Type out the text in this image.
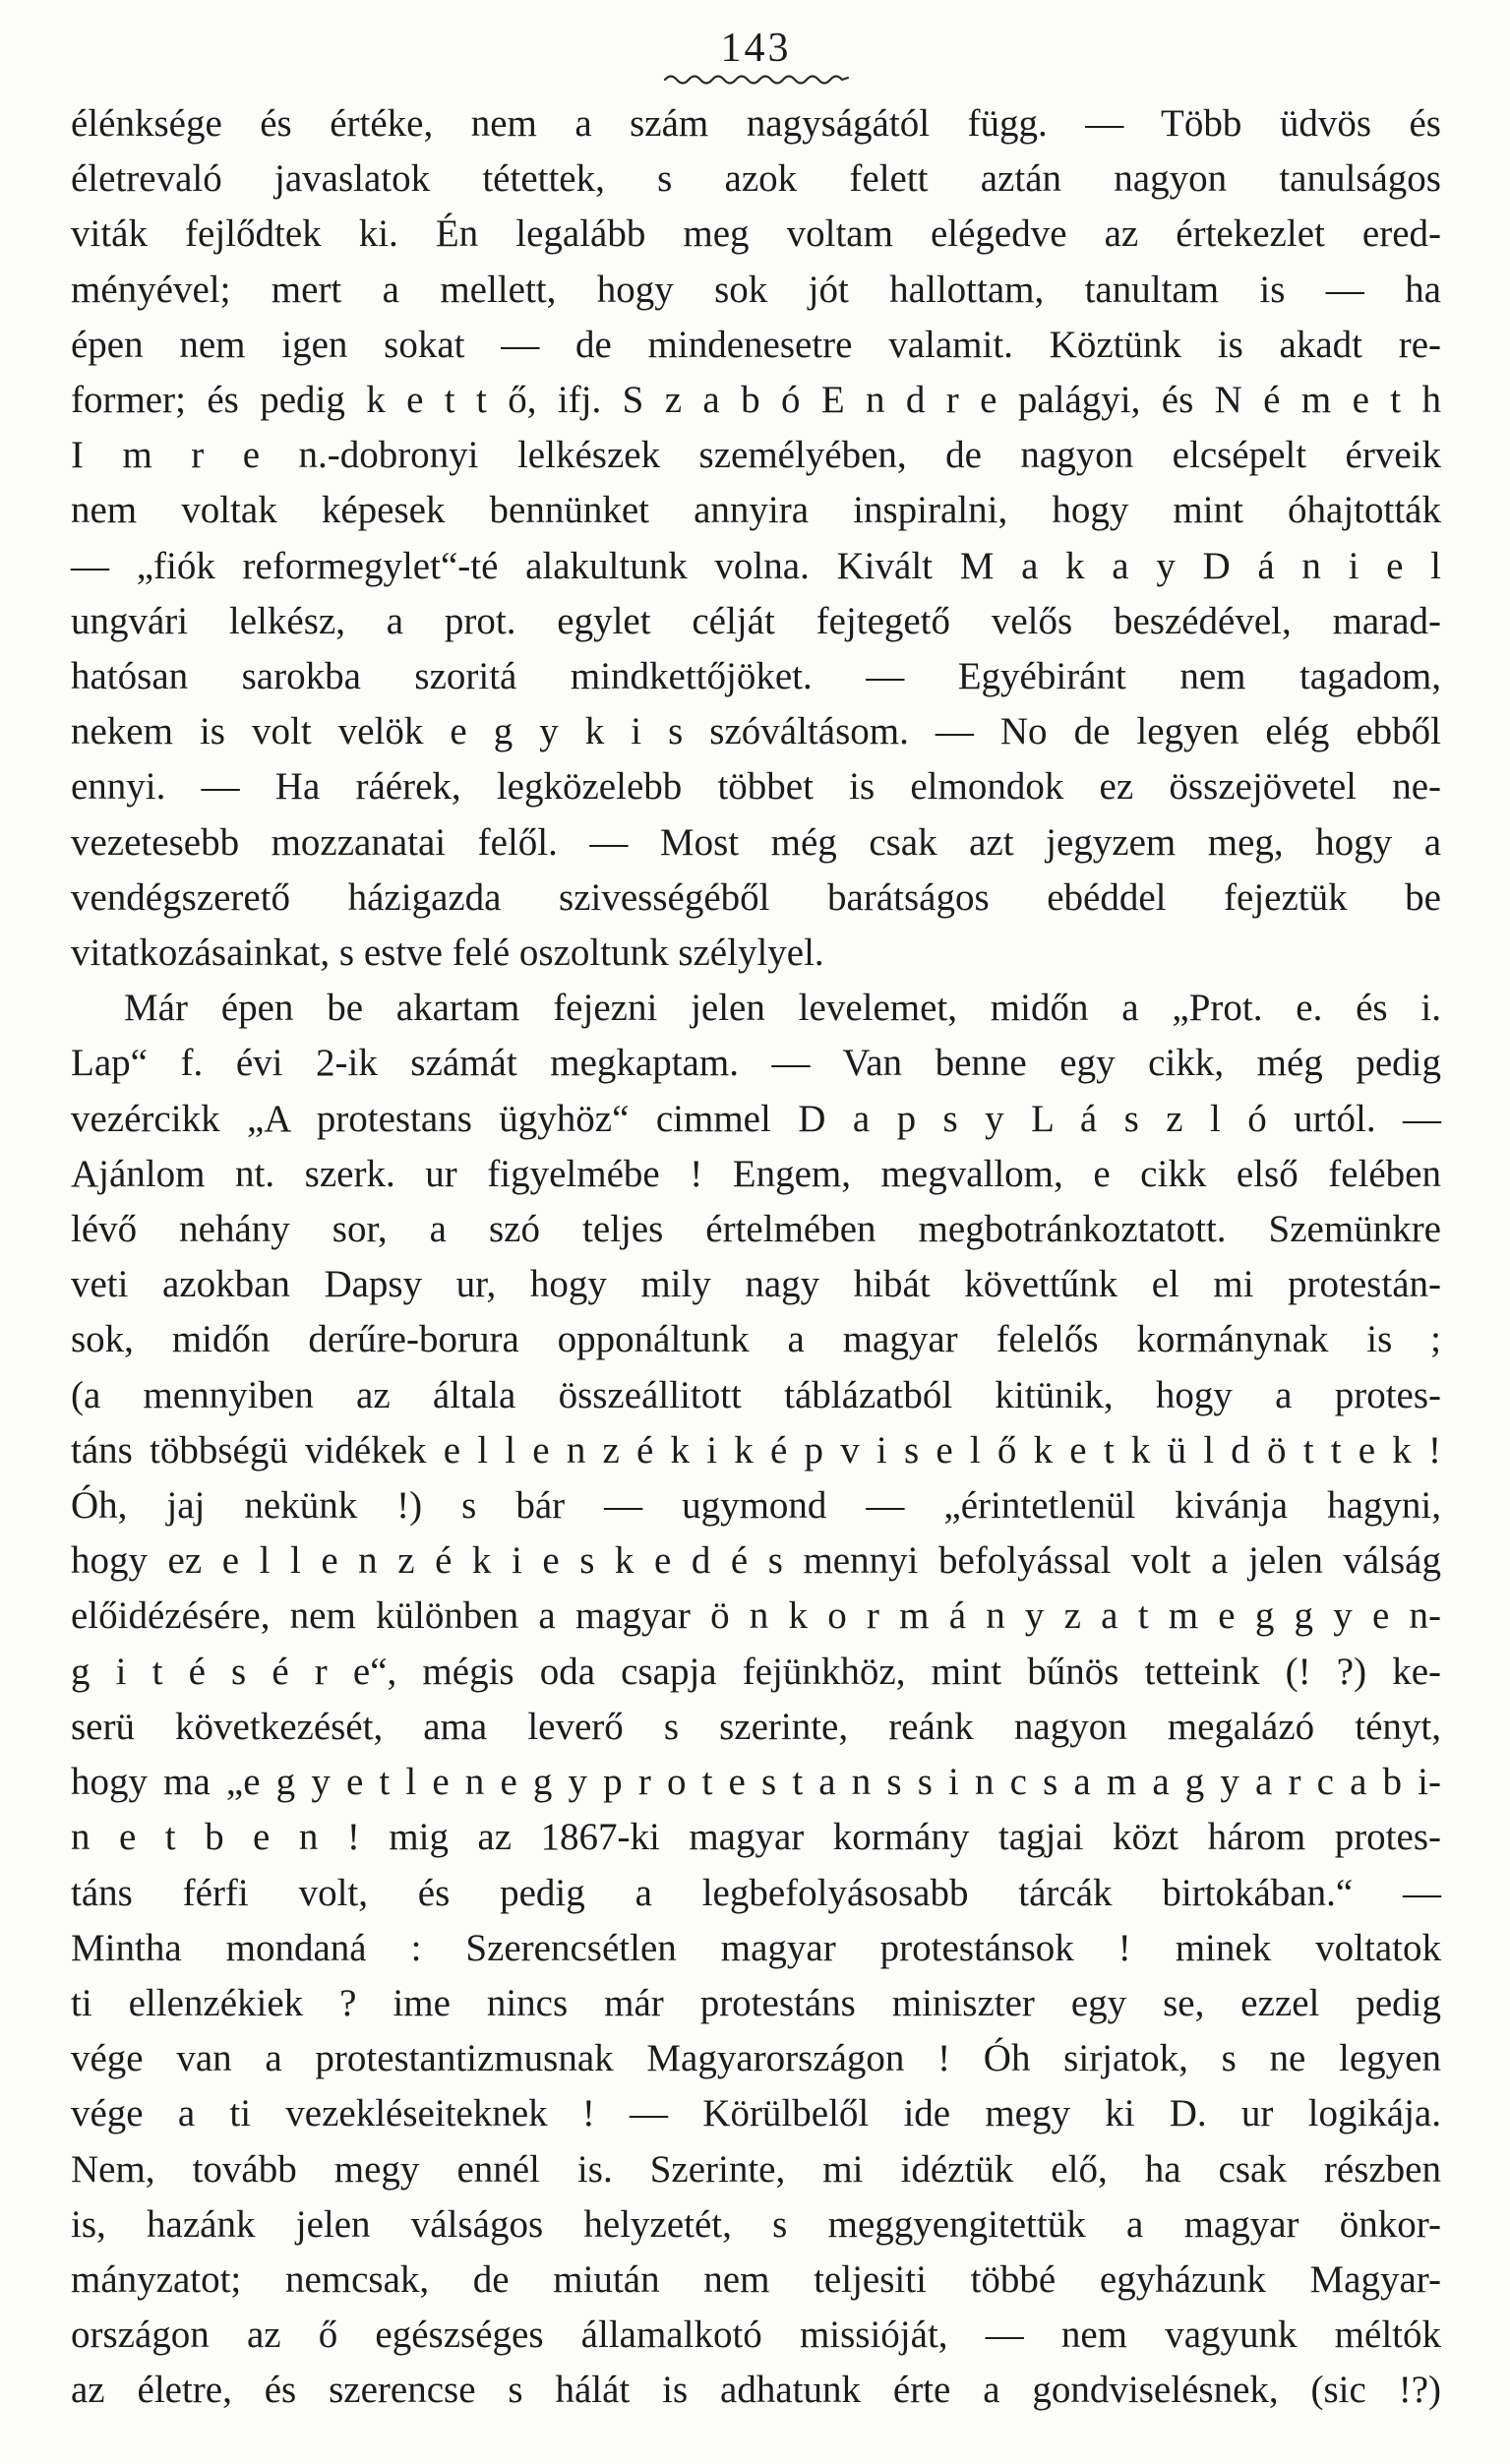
143
élénksége és értéke, nem a szám nagyságától függ. — Több üdvös és
életrevaló javaslatok tétettek, s azok felett aztán nagyon tanulságos
viták fejlődtek ki. Én legalább meg voltam elégedve az értekezlet ered-
ményével; mert a mellett, hogy sok jót hallottam, tanultam is — ha
épen nem igen sokat — de mindenesetre valamit. Köztünk is akadt re-
former; és pedig k e t t ő, ifj. S z a b ó E n d r e palágyi, és N é m e t h
I m r e n.-dobronyi lelkészek személyében, de nagyon elcsépelt érveik
nem voltak képesek bennünket annyira inspiralni, hogy mint óhajtották
— „fiók reformegylet“-té alakultunk volna. Kivált M a k a y D á n i e l
ungvári lelkész, a prot. egylet célját fejtegető velős beszédével, marad-
hatósan sarokba szoritá mindkettőjöket. — Egyébiránt nem tagadom,
nekem is volt velök e g y k i s szóváltásom. — No de legyen elég ebből
ennyi. — Ha ráérek, legközelebb többet is elmondok ez összejövetel ne-
vezetesebb mozzanatai felől. — Most még csak azt jegyzem meg, hogy a
vendégszerető házigazda szivességéből barátságos ebéddel fejeztük be
vitatkozásainkat, s estve felé oszoltunk szélylyel.
Már épen be akartam fejezni jelen levelemet, midőn a „Prot. e. és i.
Lap“ f. évi 2-ik számát megkaptam. — Van benne egy cikk, még pedig
vezércikk „A protestans ügyhöz“ cimmel D a p s y L á s z l ó urtól. —
Ajánlom nt. szerk. ur figyelmébe ! Engem, megvallom, e cikk első felében
lévő nehány sor, a szó teljes értelmében megbotránkoztatott. Szemünkre
veti azokban Dapsy ur, hogy mily nagy hibát követtűnk el mi protestán-
sok, midőn derűre-borura opponáltunk a magyar felelős kormánynak is ;
(a mennyiben az általa összeállitott táblázatból kitünik, hogy a protes-
táns többségü vidékek e l l e n z é k i k é p v i s e l ő k e t k ü l d ö t t e k !
Óh, jaj nekünk !) s bár — ugymond — „érintetlenül kivánja hagyni,
hogy ez e l l e n z é k i e s k e d é s mennyi befolyással volt a jelen válság
előidézésére, nem különben a magyar ö n k o r m á n y z a t m e g g y e n-
g i t é s é r e“, mégis oda csapja fejünkhöz, mint bűnös tetteink (! ?) ke-
serü következését, ama leverő s szerinte, reánk nagyon megalázó tényt,
hogy ma „e g y e t l e n e g y p r o t e s t a n s s i n c s a m a g y a r c a b i-
n e t b e n ! mig az 1867-ki magyar kormány tagjai közt három protes-
táns férfi volt, és pedig a legbefolyásosabb tárcák birtokában.“ —
Mintha mondaná : Szerencsétlen magyar protestánsok ! minek voltatok
ti ellenzékiek ? ime nincs már protestáns miniszter egy se, ezzel pedig
vége van a protestantizmusnak Magyarországon ! Óh sirjatok, s ne legyen
vége a ti vezekléseiteknek ! — Körülbelől ide megy ki D. ur logikája.
Nem, tovább megy ennél is. Szerinte, mi idéztük elő, ha csak részben
is, hazánk jelen válságos helyzetét, s meggyengitettük a magyar önkor-
mányzatot; nemcsak, de miután nem teljesiti többé egyházunk Magyar-
országon az ő egészséges államalkotó missióját, — nem vagyunk méltók
az életre, és szerencse s hálát is adhatunk érte a gondviselésnek, (sic !?)
